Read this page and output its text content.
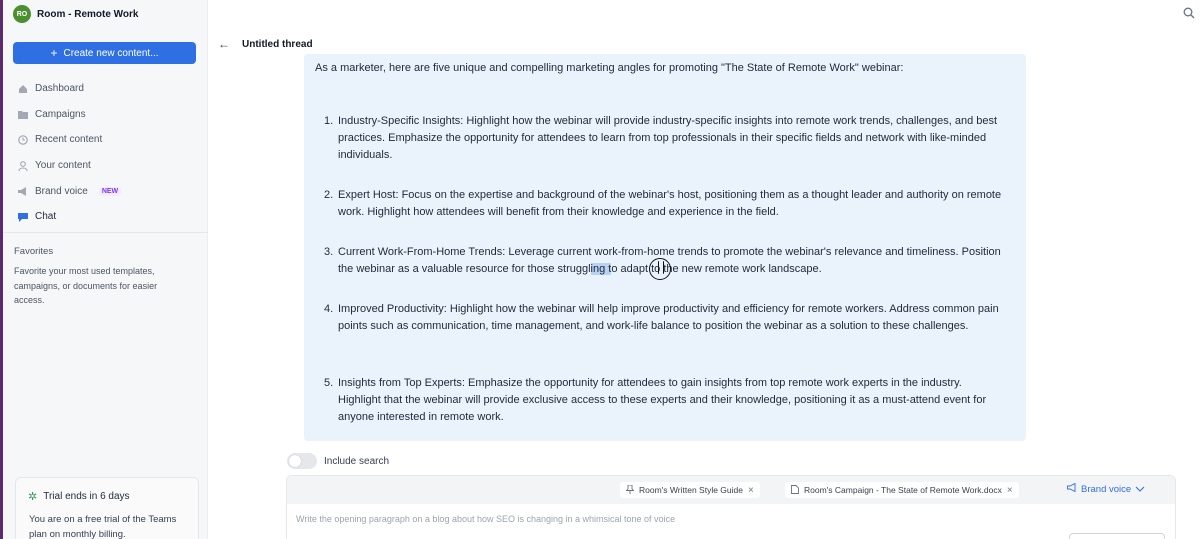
RO Room - Remote Work
+ Create new content...
Dashboard
Campaigns
Recent content
Your content
Brand voice	NEW
Chat
Favorites
Favorite your most used templates, campaigns, or documents for easier access.
✲ Trial ends in 6 days
You are on a free trial of the Teams plan on monthly billing.
← Untitled thread
As a marketer, here are five unique and compelling marketing angles for promoting "The State of Remote Work" webinar:
1. Industry-Specific Insights: Highlight how the webinar will provide industry-specific insights into remote work trends, challenges, and best practices. Emphasize the opportunity for attendees to learn from top professionals in their specific fields and network with like-minded individuals.
2. Expert Host: Focus on the expertise and background of the webinar's host, positioning them as a thought leader and authority on remote work. Highlight how attendees will benefit from their knowledge and experience in the field.
3. Current Work-From-Home Trends: Leverage current work-from-home trends to promote the webinar's relevance and timeliness. Position the webinar as a valuable resource for those struggling to adapt to the new remote work landscape.
4. Improved Productivity: Highlight how the webinar will help improve productivity and efficiency for remote workers. Address common pain points such as communication, time management, and work-life balance to position the webinar as a solution to these challenges.
5. Insights from Top Experts: Emphasize the opportunity for attendees to gain insights from top remote work experts in the industry. Highlight that the webinar will provide exclusive access to these experts and their knowledge, positioning it as a must-attend event for anyone interested in remote work.
Include search
Room's Written Style Guide ×	Room's Campaign - The State of Remote Work.docx ×	Brand voice
Write the opening paragraph on a blog about how SEO is changing in a whimsical tone of voice
